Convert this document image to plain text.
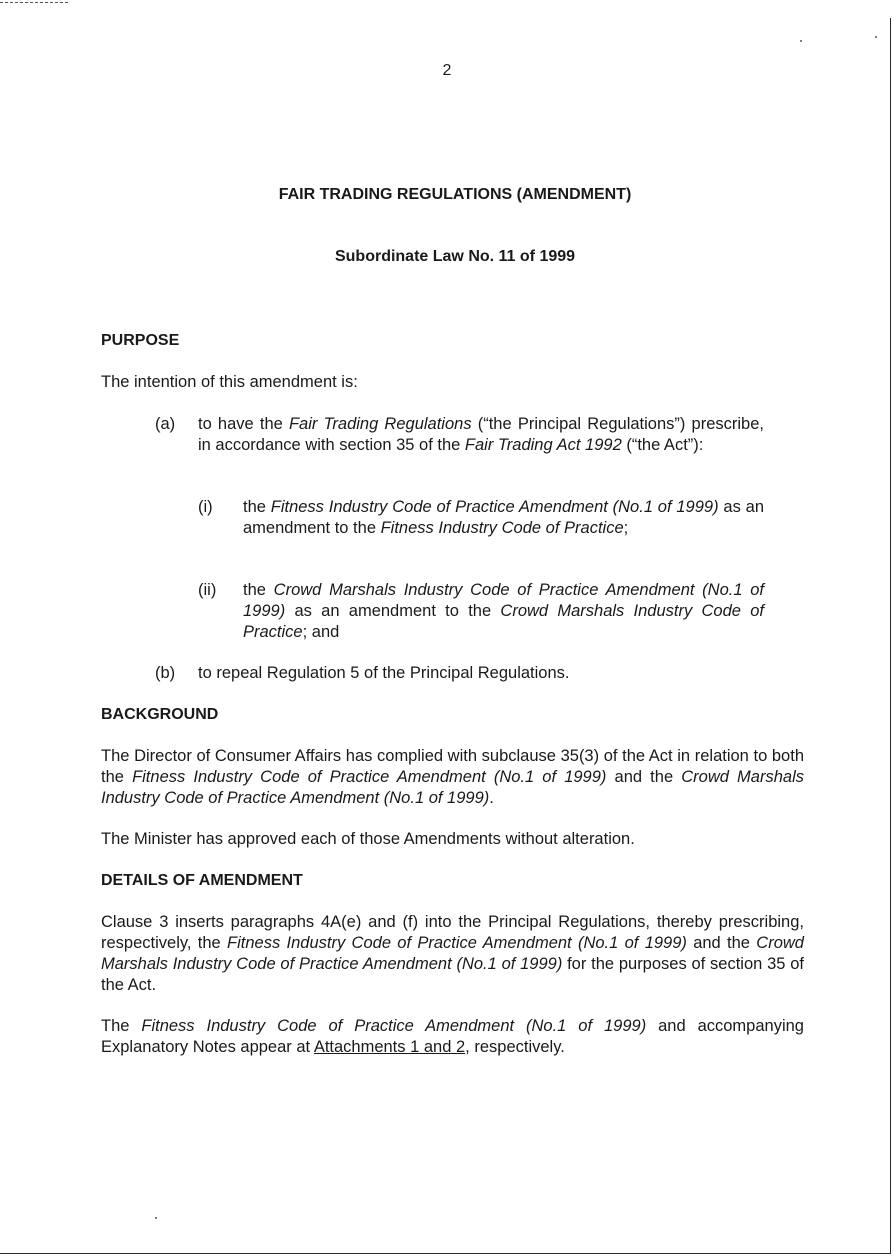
2
FAIR TRADING REGULATIONS (AMENDMENT)
Subordinate Law No. 11 of 1999
PURPOSE
The intention of this amendment is:
(a) to have the Fair Trading Regulations (“the Principal Regulations”) prescribe, in accordance with section 35 of the Fair Trading Act 1992 (“the Act”):
(i) the Fitness Industry Code of Practice Amendment (No.1 of 1999) as an amendment to the Fitness Industry Code of Practice;
(ii) the Crowd Marshals Industry Code of Practice Amendment (No.1 of 1999) as an amendment to the Crowd Marshals Industry Code of Practice; and
(b) to repeal Regulation 5 of the Principal Regulations.
BACKGROUND
The Director of Consumer Affairs has complied with subclause 35(3) of the Act in relation to both the Fitness Industry Code of Practice Amendment (No.1 of 1999) and the Crowd Marshals Industry Code of Practice Amendment (No.1 of 1999).
The Minister has approved each of those Amendments without alteration.
DETAILS OF AMENDMENT
Clause 3 inserts paragraphs 4A(e) and (f) into the Principal Regulations, thereby prescribing, respectively, the Fitness Industry Code of Practice Amendment (No.1 of 1999) and the Crowd Marshals Industry Code of Practice Amendment (No.1 of 1999) for the purposes of section 35 of the Act.
The Fitness Industry Code of Practice Amendment (No.1 of 1999) and accompanying Explanatory Notes appear at Attachments 1 and 2, respectively.
